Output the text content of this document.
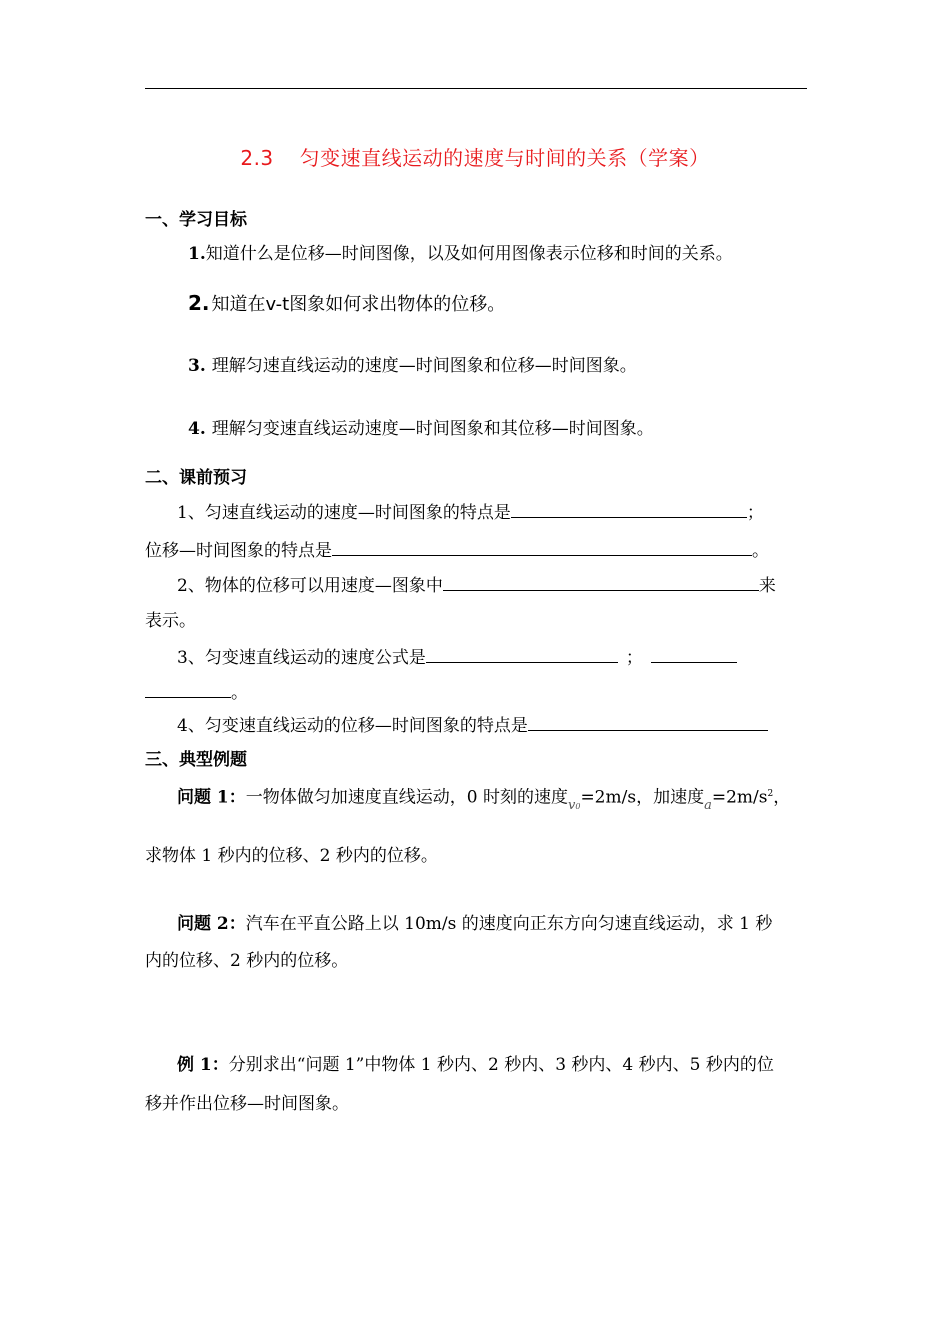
2.3 匀变速直线运动的速度与时间的关系（学案）
一、学习目标
1.知道什么是位移—时间图像，以及如何用图像表示位移和时间的关系。
2. 知道在v-t图象如何求出物体的位移。
3. 理解匀速直线运动的速度—时间图象和位移—时间图象。
4. 理解匀变速直线运动速度—时间图象和其位移—时间图象。
二、课前预习
1、匀速直线运动的速度—时间图象的特点是	；
位移—时间图象的特点是	。
2、物体的位移可以用速度—图象中	来
表示。
3、匀变速直线运动的速度公式是	；
。
4、匀变速直线运动的位移—时间图象的特点是
三、典型例题
问题 1：一物体做匀加速度直线运动，0 时刻的速度$_{v0}$=2m/s，加速度$_a=2m/s^2$，
求物体 1 秒内的位移、2 秒内的位移。
问题 2：汽车在平直公路上以 10m/s 的速度向正东方向匀速直线运动，求 1 秒
内的位移、2 秒内的位移。
例 1：分别求出“问题 1”中物体 1 秒内、2 秒内、3 秒内、4 秒内、5 秒内的位
移并作出位移—时间图象。
